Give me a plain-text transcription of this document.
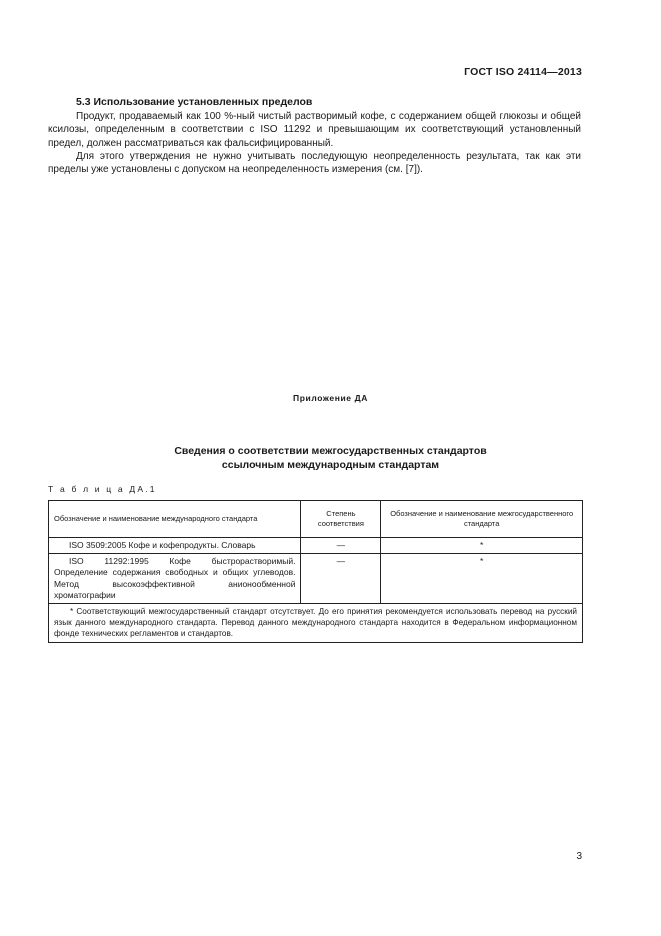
ГОСТ ISO 24114—2013
5.3 Использование установленных пределов

Продукт, продаваемый как 100 %-ный чистый растворимый кофе, с содержанием общей глюкозы и общей ксилозы, определенным в соответствии с ISO 11292 и превышающим их соответствующий установленный предел, должен рассматриваться как фальсифицированный.

Для этого утверждения не нужно учитывать последующую неопределенность результата, так как эти пределы уже установлены с допуском на неопределенность измерения (см. [7]).

Приложение ДА
Сведения о соответствии межгосударственных стандартов
ссылочным международным стандартам
Т а б л и ц а ДА.1
Обозначение и наименование международного стандарта	Степень соответствия	Обозначение и наименование межгосударственного стандарта
ISO 3509:2005 Кофе и кофепродукты. Словарь	—	*
ISO 11292:1995 Кофе быстрорастворимый. Определение содержания свободных и общих углеводов. Метод высокоэффективной анионообменной хроматографии	—	*
* Соответствующий межгосударственный стандарт отсутствует. До его принятия рекомендуется использовать перевод на русский язык данного международного стандарта. Перевод данного международного стандарта находится в Федеральном информационном фонде технических регламентов и стандартов.		
3
